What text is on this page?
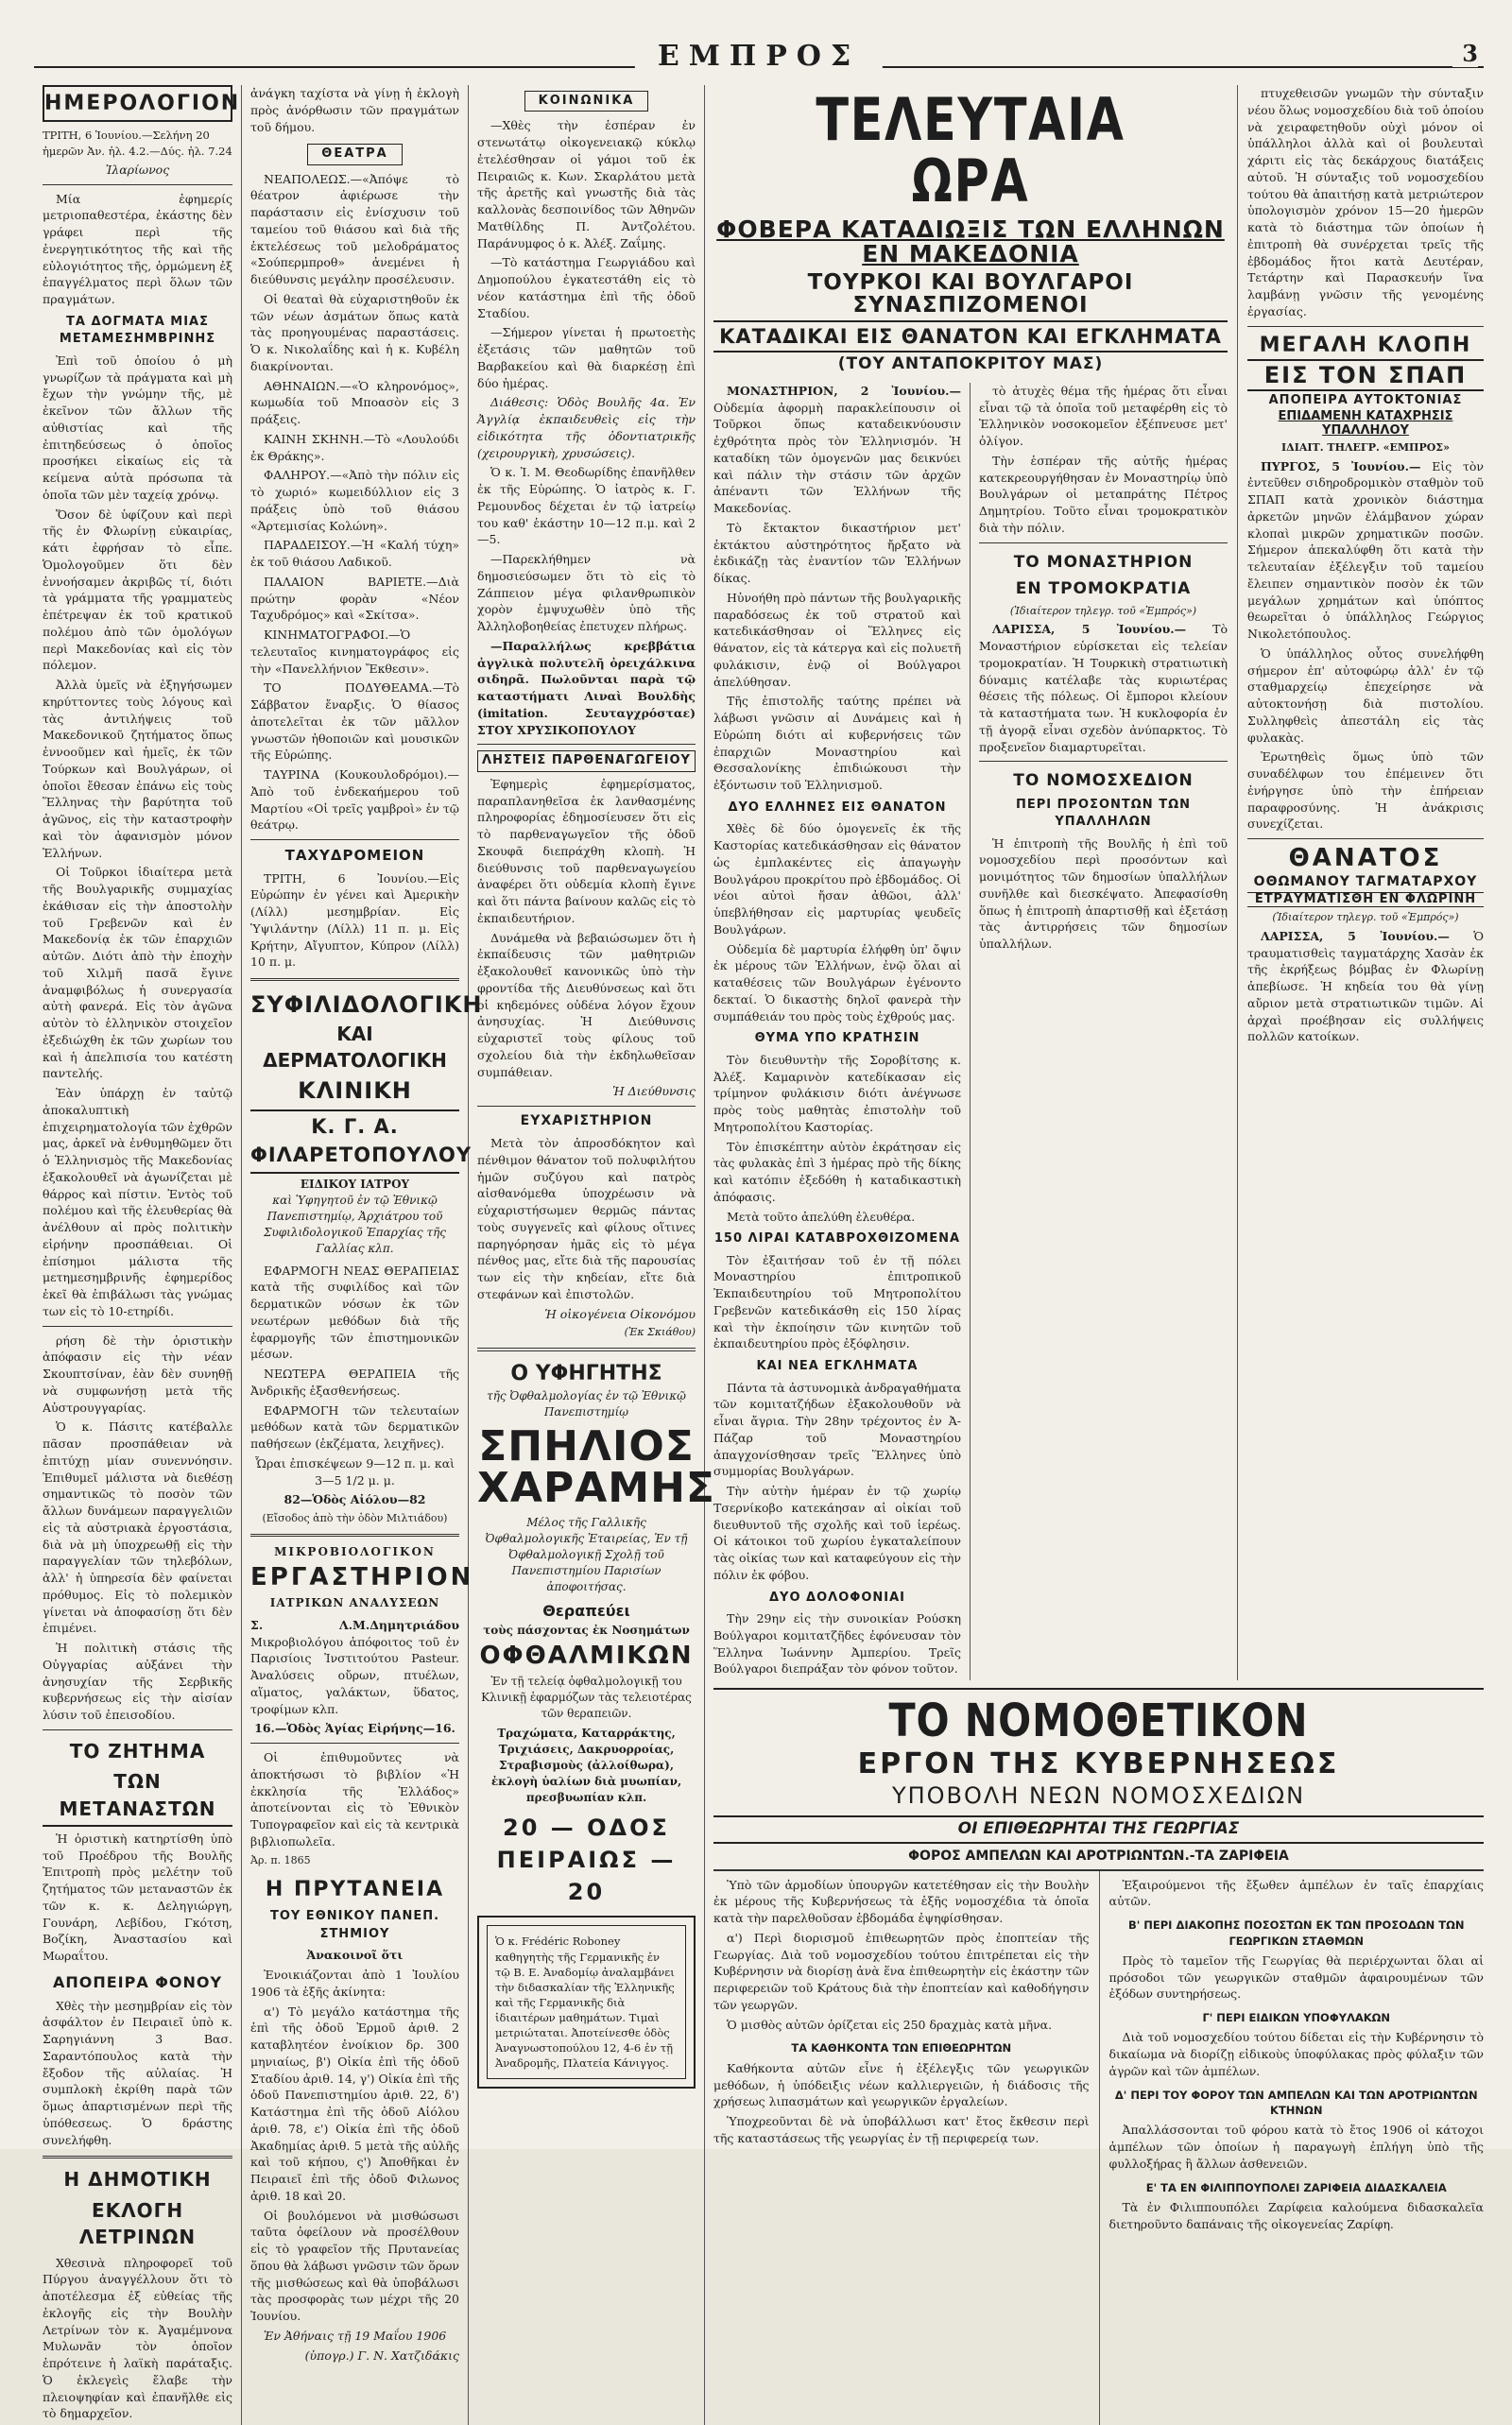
ΕΜΠΡΟΣ	3
ΗΜΕΡΟΛΟΓΙΟΝ

ΤΡΙΤΗ, 6 Ἰουνίου.—Σελήνη 20 ἡμερῶν Ἀν. ἡλ. 4.2.—Δύς. ἡλ. 7.24

Ἰλαρίωνος

Μία ἐφημερίς μετριοπαθεστέρα, ἐκάστης δὲν γράφει περὶ τῆς ἐνεργητικότητος τῆς καὶ τῆς εὐλογιότητος τῆς, ὁρμώμενη ἐξ ἐπαγγέλματος περὶ ὅλων τῶν πραγμάτων.

ΤΑ ΔΟΓΜΑΤΑ ΜΙΑΣ ΜΕΤΑΜΕΣΗΜΒΡΙΝΗΣ

Ἐπὶ τοῦ ὁποίου ὁ μὴ γνωρίζων τὰ πράγματα καὶ μὴ ἔχων τὴν γνώμην τῆς, μὲ ἐκεῖνον τῶν ἄλλων τῆς αὐθιστίας καὶ τῆς ἐπιτηδεύσεως ὁ ὁποῖος προσήκει εἰκαίως εἰς τὰ κείμενα αὐτὰ πρόσωπα τὰ ὁποῖα τῶν μὲν ταχείᾳ χρόνῳ.

Ὅσον δὲ ὑφίζουν καὶ περὶ τῆς ἐν Φλωρίνῃ εὐκαιρίας, κάτι ἐφρήσαν τὸ εἶπε. Ὁμολογοῦμεν ὅτι δὲν ἐννοήσαμεν ἀκριβῶς τί, διότι τὰ γράμματα τῆς γραμματεὺς ἐπέτρεψαν ἐκ τοῦ κρατικοῦ πολέμου ἀπὸ τῶν ὁμολόγων περὶ Μακεδονίας καὶ εἰς τὸν πόλεμον.

Ἀλλὰ ὑμεῖς νὰ ἐξηγήσωμεν κηρύττοντες τοὺς λόγους καὶ τὰς ἀντιλήψεις τοῦ Μακεδονικοῦ ζητήματος ὅπως ἐννοοῦμεν καὶ ἡμεῖς, ἐκ τῶν Τούρκων καὶ Βουλγάρων, οἱ ὁποῖοι ἔθεσαν ἐπάνω εἰς τοὺς Ἕλληνας τὴν βαρύτητα τοῦ ἀγῶνος, εἰς τὴν καταστροφὴν καὶ τὸν ἀφανισμὸν μόνον Ἑλλήνων.

Οἱ Τοῦρκοι ἰδιαίτερα μετὰ τῆς Βουλγαρικῆς συμμαχίας ἐκάθισαν εἰς τὴν ἀποστολὴν τοῦ Γρεβενῶν καὶ ἐν Μακεδονίᾳ ἐκ τῶν ἐπαρχιῶν αὐτῶν. Διότι ἀπὸ τὴν ἐποχὴν τοῦ Χιλμῆ πασᾶ ἔγινε ἀναμφιβόλως ἡ συνεργασία αὐτὴ φανερά. Εἰς τὸν ἀγῶνα αὐτὸν τὸ ἑλληνικὸν στοιχεῖον ἐξεδιώχθη ἐκ τῶν χωρίων του καὶ ἡ ἀπελπισία του κατέστη παντελής.

Ἐὰν ὑπάρχῃ ἐν ταὐτῷ ἀποκαλυπτικὴ ἐπιχειρηματολογία τῶν ἐχθρῶν μας, ἀρκεῖ νὰ ἐνθυμηθῶμεν ὅτι ὁ Ἑλληνισμὸς τῆς Μακεδονίας ἐξακολουθεῖ νὰ ἀγωνίζεται μὲ θάρρος καὶ πίστιν. Ἐντὸς τοῦ πολέμου καὶ τῆς ἐλευθερίας θὰ ἀνέλθουν αἱ πρὸς πολιτικὴν εἰρήνην προσπάθειαι. Οἱ ἐπίσημοι μάλιστα τῆς μετημεσημβρινῆς ἐφημερίδος ἐκεῖ θὰ ἐπιβάλωσι τὰς γνώμας των εἰς τὸ 10-ετηρίδι.

ρήση δὲ τὴν ὁριστικὴν ἀπόφασιν εἰς τὴν νέαν Σκουπτσίναν, ἐὰν δὲν συνηθῇ νὰ συμφωνήσῃ μετὰ τῆς Αὐστρουγγαρίας.

Ὁ κ. Πάσιτς κατέβαλλε πᾶσαν προσπάθειαν νὰ ἐπιτύχῃ μίαν συνεννόησιν. Ἐπιθυμεῖ μάλιστα νὰ διεθέσῃ σημαντικῶς τὸ ποσὸν τῶν ἄλλων δυνάμεων παραγγελιῶν εἰς τὰ αὐστριακὰ ἐργοστάσια, διὰ νὰ μὴ ὑποχρεωθῇ εἰς τὴν παραγγελίαν τῶν τηλεβόλων, ἀλλ' ἡ ὑπηρεσία δὲν φαίνεται πρόθυμος. Εἰς τὸ πολεμικὸν γίνεται νὰ ἀποφασίσῃ ὅτι δὲν ἐπιμένει.

Ἡ πολιτικὴ στάσις τῆς Οὐγγαρίας αὐξάνει τὴν ἀνησυχίαν τῆς Σερβικῆς κυβερνήσεως εἰς τὴν αἰσίαν λύσιν τοῦ ἐπεισοδίου.

ΤΟ ΖΗΤΗΜΑ
ΤΩΝ ΜΕΤΑΝΑΣΤΩΝ

Ἡ ὁριστικὴ κατηρτίσθη ὑπὸ τοῦ Προέδρου τῆς Βουλῆς Ἐπιτροπὴ πρὸς μελέτην τοῦ ζητήματος τῶν μεταναστῶν ἐκ τῶν κ. κ. Δεληγιώργη, Γουνάρη, Λεβίδου, Γκότση, Βοζίκη, Ἀναστασίου καὶ Μωραΐτου.

ΑΠΟΠΕΙΡΑ ΦΟΝΟΥ

Χθὲς τὴν μεσημβρίαν εἰς τὸν ἀσφάλτον ἐν Πειραιεῖ ὑπὸ κ. Σαρηγιάννη 3 Βασ. Σαραντόπουλος κατὰ τὴν ἔξοδον τῆς αὐλαίας. Ἡ συμπλοκὴ ἐκρίθη παρὰ τῶν ὅμως ἀπαρτισμένων περὶ τῆς ὑπόθεσεως. Ὁ δράστης συνελήφθη.

Η ΔΗΜΟΤΙΚΗ
ΕΚΛΟΓΗ ΛΕΤΡΙΝΩΝ

Χθεσινὰ πληροφορεῖ τοῦ Πύργου ἀναγγέλλουν ὅτι τὸ ἀποτέλεσμα ἐξ εὐθείας τῆς ἐκλογῆς εἰς τὴν Βουλὴν Λετρίνων τὸν κ. Ἀγαμέμνονα Μυλωνᾶν τὸν ὁποῖον ἐπρότεινε ἡ λαϊκὴ παράταξις. Ὁ ἐκλεγεὶς ἔλαβε τὴν πλειοψηφίαν καὶ ἐπανῆλθε εἰς τὸ δημαρχεῖον.

ἀνάγκη ταχίστα νὰ γίνῃ ἡ ἐκλογὴ πρὸς ἀνόρθωσιν τῶν πραγμάτων τοῦ δήμου.

ΘΕΑΤΡΑ

ΝΕΑΠΟΛΕΩΣ.—«Ἀπόψε τὸ θέατρον ἀφιέρωσε τὴν παράστασιν εἰς ἐνίσχυσιν τοῦ ταμείου τοῦ θιάσου καὶ διὰ τῆς ἐκτελέσεως τοῦ μελοδράματος «Σούπερμπροθ» ἀνεμένει ἡ διεύθυνσις μεγάλην προσέλευσιν.

Οἱ θεαταὶ θὰ εὐχαριστηθοῦν ἐκ τῶν νέων ἀσμάτων ὅπως κατὰ τὰς προηγουμένας παραστάσεις. Ὁ κ. Νικολαΐδης καὶ ἡ κ. Κυβέλη διακρίνονται.

ΑΘΗΝΑΙΩΝ.—«Ὁ κληρονόμος», κωμωδία τοῦ Μποασὸν εἰς 3 πράξεις.

ΚΑΙΝΗ ΣΚΗΝΗ.—Τὸ «Λουλούδι ἐκ Θράκης».

ΦΑΛΗΡΟΥ.—«Ἀπὸ τὴν πόλιν εἰς τὸ χωριό» κωμειδύλλιον εἰς 3 πράξεις ὑπὸ τοῦ θιάσου «Ἀρτεμισίας Κολώνη».

ΠΑΡΑΔΕΙΣΟΥ.—Ἡ «Καλή τύχη» ἐκ τοῦ θιάσου Λαδικοῦ.

ΠΑΛΑΙΟΝ ΒΑΡΙΕΤΕ.—Διὰ πρώτην φορὰν «Νέον Ταχυδρόμος» καὶ «Σκίτσα».

ΚΙΝΗΜΑΤΟΓΡΑΦΟΙ.—Ὁ τελευταῖος κινηματογράφος εἰς τὴν «Πανελλήνιον Ἔκθεσιν».

ΤΟ ΠΟΔΥΘΕΑΜΑ.—Τὸ Σάββατον ἔναρξις. Ὁ θίασος ἀποτελεῖται ἐκ τῶν μᾶλλον γνωστῶν ἠθοποιῶν καὶ μουσικῶν τῆς Εὐρώπης.

ΤΑΥΡΙΝΑ (Κουκουλοδρόμοι).—Ἀπὸ τοῦ ἐνδεκαήμερου τοῦ Μαρτίου «Οἱ τρεῖς γαμβροὶ» ἐν τῷ θεάτρῳ.

ΤΑΧΥΔΡΟΜΕΙΟΝ

ΤΡΙΤΗ, 6 Ἰουνίου.—Εἰς Εὐρώπην ἐν γένει καὶ Ἀμερικὴν (Λίλλ) μεσημβρίαν. Εἰς Ὑψιλάντην (Λίλλ) 11 π. μ. Εἰς Κρήτην, Αἴγυπτον, Κύπρον (Λίλλ) 10 π. μ.

ΣΥΦΙΛΙΔΟΛΟΓΙΚΗ
ΚΑΙ ΔΕΡΜΑΤΟΛΟΓΙΚΗ
ΚΛΙΝΙΚΗ
Κ. Γ. Α. ΦΙΛΑΡΕΤΟΠΟΥΛΟΥ
ΕΙΔΙΚΟΥ ΙΑΤΡΟΥ

καὶ Ὑφηγητοῦ ἐν τῷ Ἐθνικῷ Πανεπιστημίῳ, Ἀρχιάτρου τοῦ Συφιλιδολογικοῦ Ἐπαρχίας τῆς Γαλλίας κλπ.

ΕΦΑΡΜΟΓΗ ΝΕΑΣ ΘΕΡΑΠΕΙΑΣ κατὰ τῆς συφιλίδος καὶ τῶν δερματικῶν νόσων ἐκ τῶν νεωτέρων μεθόδων διὰ τῆς ἐφαρμογῆς τῶν ἐπιστημονικῶν μέσων.

ΝΕΩΤΕΡΑ ΘΕΡΑΠΕΙΑ τῆς Ἀνδρικῆς ἐξασθενήσεως.

ΕΦΑΡΜΟΓΗ τῶν τελευταίων μεθόδων κατὰ τῶν δερματικῶν παθήσεων (ἐκζέματα, λειχῆνες).

Ὧραι ἐπισκέψεων 9—12 π. μ. καὶ 3—5 1/2 μ. μ.

82—Ὁδὸς Αἰόλου—82

(Εἴσοδος ἀπὸ τὴν ὁδὸν Μιλτιάδου)

ΜΙΚΡΟΒΙΟΛΟΓΙΚΟΝ
ΕΡΓΑΣΤΗΡΙΟΝ
ΙΑΤΡΙΚΩΝ ΑΝΑΛΥΣΕΩΝ

Σ. Λ.Μ.Δημητριάδου Μικροβιολόγου ἀπόφοιτος τοῦ ἐν Παρισίοις Ἰνστιτούτου Pasteur. Ἀναλύσεις οὔρων, πτυέλων, αἵματος, γαλάκτων, ὕδατος, τροφίμων κλπ.

16.—Ὁδὸς Ἁγίας Εἰρήνης—16.

Οἱ ἐπιθυμοῦντες νὰ ἀποκτήσωσι τὸ βιβλίον «Ἡ ἐκκλησία τῆς Ἑλλάδος» ἀποτείνονται εἰς τὸ Ἐθνικὸν Τυπογραφεῖον καὶ εἰς τὰ κεντρικὰ βιβλιοπωλεῖα.

Ἀρ. π. 1865

Η ΠΡΥΤΑΝΕΙΑ
ΤΟΥ ΕΘΝΙΚΟΥ ΠΑΝΕΠ. ΣΤΗΜΙΟΥ

Ἀνακοινοῖ ὅτι

Ἐνοικιάζονται ἀπὸ 1 Ἰουλίου 1906 τὰ ἑξῆς ἀκίνητα:

α') Τὸ μεγάλο κατάστημα τῆς ἐπὶ τῆς ὁδοῦ Ἑρμοῦ ἀριθ. 2 καταβλητέον ἐνοίκιον δρ. 300 μηνιαίως, β') Οἰκία ἐπὶ τῆς ὁδοῦ Σταδίου ἀριθ. 14, γ') Οἰκία ἐπὶ τῆς ὁδοῦ Πανεπιστημίου ἀριθ. 22, δ') Κατάστημα ἐπὶ τῆς ὁδοῦ Αἰόλου ἀριθ. 78, ε') Οἰκία ἐπὶ τῆς ὁδοῦ Ἀκαδημίας ἀριθ. 5 μετὰ τῆς αὐλῆς καὶ τοῦ κήπου, ς') Ἀποθῆκαι ἐν Πειραιεῖ ἐπὶ τῆς ὁδοῦ Φιλωνος ἀριθ. 18 καὶ 20.

Οἱ βουλόμενοι νὰ μισθώσωσι ταῦτα ὀφείλουν νὰ προσέλθουν εἰς τὸ γραφεῖον τῆς Πρυτανείας ὅπου θὰ λάβωσι γνῶσιν τῶν ὅρων τῆς μισθώσεως καὶ θὰ ὑποβάλωσι τὰς προσφορὰς των μέχρι τῆς 20 Ἰουνίου.

Ἐν Ἀθήναις τῇ 19 Μαΐου 1906

(ὑπογρ.) Γ. Ν. Χατζιδάκις

ΚΟΙΝΩΝΙΚΑ

—Χθὲς τὴν ἑσπέραν ἐν στενωτάτῳ οἰκογενειακῷ κύκλῳ ἐτελέσθησαν οἱ γάμοι τοῦ ἐκ Πειραιῶς κ. Κων. Σκαρλάτου μετὰ τῆς ἀρετῆς καὶ γνωστῆς διὰ τὰς καλλονὰς δεσποινίδος τῶν Ἀθηνῶν Ματθίλδης Π. Ἀντζολέτου. Παράνυμφος ὁ κ. Ἀλέξ. Ζαΐμης.

—Τὸ κατάστημα Γεωργιάδου καὶ Δημοπούλου ἐγκατεστάθη εἰς τὸ νέον κατάστημα ἐπὶ τῆς ὁδοῦ Σταδίου.

—Σήμερον γίνεται ἡ πρωτοετὴς ἐξετάσις τῶν μαθητῶν τοῦ Βαρβακείου καὶ θὰ διαρκέσῃ ἐπὶ δύο ἡμέρας.

Διάθεσις: Ὁδὸς Βουλῆς 4α. Ἐν Ἀγγλίᾳ ἐκπαιδευθεὶς εἰς τὴν εἰδικότητα τῆς ὀδοντιατρικῆς (χειρουργικὴ, χρυσώσεις).

Ὁ κ. Ἰ. Μ. Θεοδωρίδης ἐπανῆλθεν ἐκ τῆς Εὐρώπης. Ὁ ἰατρὸς κ. Γ. Ρεμουνδος δέχεται ἐν τῷ ἰατρείῳ του καθ' ἑκάστην 10—12 π.μ. καὶ 2—5.

—Παρεκλήθημεν νὰ δημοσιεύσωμεν ὅτι τὸ εἰς τὸ Ζάππειον μέγα φιλανθρωπικὸν χορὸν ἐμψυχωθὲν ὑπὸ τῆς Ἀλληλοβοηθείας ἐπετυχεν πλήρως.

—Παραλλήλως κρεββάτια ἀγγλικὰ πολυτελῆ ὀρειχάλκινα σιδηρᾶ. Πωλοῦνται παρὰ τῷ καταστήματι Λιναὶ Βουλδὴς (imitation. Σευταγχρόσταε) ΣΤΟΥ ΧΡΥΣΙΚΟΠΟΥΛΟΥ

ΛΗΣΤΕΙΣ ΠΑΡΘΕΝΑΓΩΓΕΙΟΥ

Ἐφημερὶς ἐφημερίσματος, παραπλανηθεῖσα ἐκ λανθασμένης πληροφορίας ἐδημοσίευσεν ὅτι εἰς τὸ παρθεναγωγεῖον τῆς ὁδοῦ Σκουφᾶ διεπράχθη κλοπὴ. Ἡ διεύθυνσις τοῦ παρθεναγωγείου ἀναφέρει ὅτι οὐδεμία κλοπὴ ἔγινε καὶ ὅτι πάντα βαίνουν καλῶς εἰς τὸ ἐκπαιδευτήριον.

Δυνάμεθα νὰ βεβαιώσωμεν ὅτι ἡ ἐκπαίδευσις τῶν μαθητριῶν ἐξακολουθεῖ κανονικῶς ὑπὸ τὴν φροντίδα τῆς Διευθύνσεως καὶ ὅτι οἱ κηδεμόνες οὐδένα λόγον ἔχουν ἀνησυχίας. Ἡ Διεύθυνσις εὐχαριστεῖ τοὺς φίλους τοῦ σχολείου διὰ τὴν ἐκδηλωθεῖσαν συμπάθειαν.

Ἡ Διεύθυνσις

ΕΥΧΑΡΙΣΤΗΡΙΟΝ

Μετὰ τὸν ἀπροσδόκητον καὶ πένθιμον θάνατον τοῦ πολυφιλήτου ἡμῶν συζύγου καὶ πατρὸς αἰσθανόμεθα ὑποχρέωσιν νὰ εὐχαριστήσωμεν θερμῶς πάντας τοὺς συγγενεῖς καὶ φίλους οἵτινες παρηγόρησαν ἡμᾶς εἰς τὸ μέγα πένθος μας, εἴτε διὰ τῆς παρουσίας των εἰς τὴν κηδείαν, εἴτε διὰ στεφάνων καὶ ἐπιστολῶν.

Ἡ οἰκογένεια Οἰκονόμου

(Ἐκ Σκιάθου)

Ο ΥΦΗΓΗΤΗΣ
τῆς Ὀφθαλμολογίας ἐν τῷ Ἐθνικῷ Πανεπιστημίῳ
ΣΠΗΛΙΟΣ
ΧΑΡΑΜΗΣ

Μέλος τῆς Γαλλικῆς Ὀφθαλμολογικῆς Ἑταιρείας, Ἐν τῇ Ὀφθαλμολογικῇ Σχολῇ τοῦ Πανεπιστημίου Παρισίων ἀποφοιτήσας.

Θεραπεύει
τοὺς πάσχοντας ἐκ Νοσημάτων
ΟΦΘΑΛΜΙΚΩΝ

Ἐν τῇ τελείᾳ ὀφθαλμολογικῇ του Κλινικῇ ἐφαρμόζων τὰς τελειοτέρας τῶν θεραπειῶν.

Τραχώματα, Καταρράκτης, Τριχιάσεις, Δακρυορροίας, Στραβισμοὺς (ἀλλοίθωρα), ἐκλογὴ ὑαλίων διὰ μυωπίαν, πρεσβυωπίαν κλπ.

20 — ΟΔΟΣ ΠΕΙΡΑΙΩΣ — 20
Ὁ κ. Frédéric Roboney καθηγητὴς τῆς Γερμανικῆς ἐν τῷ Β. Ε. Ἀναδομίῳ ἀναλαμβάνει τὴν διδασκαλίαν τῆς Ἐλληνικῆς καὶ τῆς Γερμανικῆς διὰ ἰδιαιτέρων μαθημάτων. Τιμαὶ μετριώταται. Ἀποτείνεσθε ὁδὸς Ἀναγνωστοπούλου 12, 4-6 ἐν τῇ Ἀναδρομῆς, Πλατεία Κάνιγγος.
ΤΕΛΕΥΤΑΙΑ ΩΡΑ
ΦΟΒΕΡΑ ΚΑΤΑΔΙΩΞΙΣ ΤΩΝ ΕΛΛΗΝΩΝ ΕΝ ΜΑΚΕΔΟΝΙΑ
ΤΟΥΡΚΟΙ ΚΑΙ ΒΟΥΛΓΑΡΟΙ ΣΥΝΑΣΠΙΖΟΜΕΝΟΙ
ΚΑΤΑΔΙΚΑΙ ΕΙΣ ΘΑΝΑΤΟΝ ΚΑΙ ΕΓΚΛΗΜΑΤΑ
(ΤΟΥ ΑΝΤΑΠΟΚΡΙΤΟΥ ΜΑΣ)

ΜΟΝΑΣΤΗΡΙΟΝ, 2 Ἰουνίου.— Οὐδεμία ἀφορμὴ παρακλείπουσιν οἱ Τοῦρκοι ὅπως καταδεικνύουσιν ἐχθρότητα πρὸς τὸν Ἑλληνισμόν. Ἡ καταδίκη τῶν ὁμογενῶν μας δεικνύει καὶ πάλιν τὴν στάσιν τῶν ἀρχῶν ἀπέναντι τῶν Ἑλλήνων τῆς Μακεδονίας.

Τὸ ἔκτακτον δικαστήριον μετ' ἐκτάκτου αὐστηρότητος ἤρξατο νὰ ἐκδικάζῃ τὰς ἐναντίον τῶν Ἑλλήνων δίκας.

Ηὐνοήθη πρὸ πάντων τῆς βουλγαρικῆς παραδόσεως ἐκ τοῦ στρατοῦ καὶ κατεδικάσθησαν οἱ Ἕλληνες εἰς θάνατον, εἰς τὰ κάτεργα καὶ εἰς πολυετῆ φυλάκισιν, ἐνῷ οἱ Βούλγαροι ἀπελύθησαν.

Τῆς ἐπιστολῆς ταύτης πρέπει νὰ λάβωσι γνῶσιν αἱ Δυνάμεις καὶ ἡ Εὐρώπη διότι αἱ κυβερνήσεις τῶν ἐπαρχιῶν Μοναστηρίου καὶ Θεσσαλονίκης ἐπιδιώκουσι τὴν ἐξόντωσιν τοῦ Ἑλληνισμοῦ.

ΔΥΟ ΕΛΛΗΝΕΣ ΕΙΣ ΘΑΝΑΤΟΝ

Χθὲς δὲ δύο ὁμογενεῖς ἐκ τῆς Καστορίας κατεδικάσθησαν εἰς θάνατον ὡς ἐμπλακέντες εἰς ἀπαγωγὴν Βουλγάρου προκρίτου πρὸ ἑβδομάδος. Οἱ νέοι αὐτοὶ ἤσαν ἀθῶοι, ἀλλ' ὑπεβλήθησαν εἰς μαρτυρίας ψευδεῖς Βουλγάρων.

Οὐδεμία δὲ μαρτυρία ἐλήφθη ὑπ' ὄψιν ἐκ μέρους τῶν Ἑλλήνων, ἐνῷ ὅλαι αἱ καταθέσεις τῶν Βουλγάρων ἐγένοντο δεκταί. Ὁ δικαστὴς δηλοῖ φανερὰ τὴν συμπάθειάν του πρὸς τοὺς ἐχθρούς μας.

ΘΥΜΑ ΥΠΟ ΚΡΑΤΗΣΙΝ

Τὸν διευθυντὴν τῆς Σοροβίτσης κ. Ἀλέξ. Καμαρινὸν κατεδίκασαν εἰς τρίμηνον φυλάκισιν διότι ἀνέγνωσε πρὸς τοὺς μαθητὰς ἐπιστολὴν τοῦ Μητροπολίτου Καστορίας.

Τὸν ἐπισκέπτην αὐτὸν ἐκράτησαν εἰς τὰς φυλακὰς ἐπὶ 3 ἡμέρας πρὸ τῆς δίκης καὶ κατόπιν ἐξεδόθη ἡ καταδικαστικὴ ἀπόφασις.

Μετὰ τοῦτο ἀπελύθη ἐλευθέρα.

150 ΛΙΡΑΙ ΚΑΤΑΒΡΟΧΘΙΖΟΜΕΝΑ

Τὸν ἐξαιτήσαν τοῦ ἐν τῇ πόλει Μοναστηρίου ἐπιτροπικοῦ Ἐκπαιδευτηρίου τοῦ Μητροπολίτου Γρεβενῶν κατεδικάσθη εἰς 150 λίρας καὶ τὴν ἐκποίησιν τῶν κινητῶν τοῦ ἐκπαιδευτηρίου πρὸς ἐξόφλησιν.

ΚΑΙ ΝΕΑ ΕΓΚΛΗΜΑΤΑ

Πάντα τὰ ἀστυνομικὰ ἀνδραγαθήματα τῶν κομιτατζήδων ἐξακολουθοῦν νὰ εἶναι ἄγρια. Τὴν 28ην τρέχοντος ἐν Ἀ-Πάζαρ τοῦ Μοναστηρίου ἀπαγχονίσθησαν τρεῖς Ἕλληνες ὑπὸ συμμορίας Βουλγάρων.

Τὴν αὐτὴν ἡμέραν ἐν τῷ χωρίῳ Τσερνίκοβο κατεκάησαν αἱ οἰκίαι τοῦ διευθυντοῦ τῆς σχολῆς καὶ τοῦ ἱερέως. Οἱ κάτοικοι τοῦ χωρίου ἐγκαταλείπουν τὰς οἰκίας των καὶ καταφεύγουν εἰς τὴν πόλιν ἐκ φόβου.

ΔΥΟ ΔΟΛΟΦΟΝΙΑΙ

Τὴν 29ην εἰς τὴν συνοικίαν Ρούσκη Βούλγαροι κομιτατζῆδες ἐφόνευσαν τὸν Ἕλληνα Ἰωάννην Ἀμπερίου. Τρεῖς Βούλγαροι διεπράξαν τὸν φόνον τοῦτον.

τὸ ἀτυχὲς θέμα τῆς ἡμέρας ὅτι εἶναι εἶναι τῷ τὰ ὁποῖα τοῦ μεταφέρθη εἰς τὸ Ἑλληνικὸν νοσοκομεῖον ἐξέπνευσε μετ' ὀλίγον.

Τὴν ἑσπέραν τῆς αὐτῆς ἡμέρας κατεκρεουργήθησαν ἐν Μοναστηρίῳ ὑπὸ Βουλγάρων οἱ μεταπράτης Πέτρος Δημητρίου. Τοῦτο εἶναι τρομοκρατικὸν διὰ τὴν πόλιν.

ΤΟ ΜΟΝΑΣΤΗΡΙΟΝ
ΕΝ ΤΡΟΜΟΚΡΑΤΙΑ

(Ἰδιαίτερον τηλεγρ. τοῦ «Ἐμπρός»)

ΛΑΡΙΣΣΑ, 5 Ἰουνίου.— Τὸ Μοναστήριον εὑρίσκεται εἰς τελείαν τρομοκρατίαν. Ἡ Τουρκικὴ στρατιωτικὴ δύναμις κατέλαβε τὰς κυριωτέρας θέσεις τῆς πόλεως. Οἱ ἔμποροι κλείουν τὰ καταστήματα των. Ἡ κυκλοφορία ἐν τῇ ἀγορᾷ εἶναι σχεδὸν ἀνύπαρκτος. Τὸ προξενεῖον διαμαρτυρεῖται.

ΤΟ ΝΟΜΟΣΧΕΔΙΟΝ
ΠΕΡΙ ΠΡΟΣΟΝΤΩΝ ΤΩΝ ΥΠΑΛΛΗΛΩΝ

Ἡ ἐπιτροπὴ τῆς Βουλῆς ἡ ἐπὶ τοῦ νομοσχεδίου περὶ προσόντων καὶ μονιμότητος τῶν δημοσίων ὑπαλλήλων συνῆλθε καὶ διεσκέψατο. Ἀπεφασίσθη ὅπως ἡ ἐπιτροπὴ ἀπαρτισθῇ καὶ ἐξετάσῃ τὰς ἀντιρρήσεις τῶν δημοσίων ὑπαλλήλων.

πτυχεθεισῶν γνωμῶν τὴν σύνταξιν νέου ὅλως νομοσχεδίου διὰ τοῦ ὁποίου νὰ χειραφετηθοῦν οὐχὶ μόνον οἱ ὑπάλληλοι ἀλλὰ καὶ οἱ βουλευταὶ χάριτι εἰς τὰς δεκάρχους διατάξεις αὐτοῦ. Ἡ σύνταξις τοῦ νομοσχεδίου τούτου θὰ ἀπαιτήσῃ κατὰ μετριώτερον ὑπολογισμὸν χρόνον 15—20 ἡμερῶν κατὰ τὸ διάστημα τῶν ὁποίων ἡ ἐπιτροπὴ θὰ συνέρχεται τρεῖς τῆς ἑβδομάδος ἥτοι κατὰ Δευτέραν, Τετάρτην καὶ Παρασκευήν ἵνα λαμβάνῃ γνῶσιν τῆς γενομένης ἐργασίας.

ΜΕΓΑΛΗ ΚΛΟΠΗ
ΕΙΣ ΤΟΝ ΣΠΑΠ
ΑΠΟΠΕΙΡΑ ΑΥΤΟΚΤΟΝΙΑΣ
ΕΠΙΔΑΜΕΝΗ ΚΑΤΑΧΡΗΣΙΣ ΥΠΑΛΛΗΛΟΥ

ΙΔΙΑΙΤ. ΤΗΛΕΓΡ. «ΕΜΠΡΟΣ»

ΠΥΡΓΟΣ, 5 Ἰουνίου.— Εἰς τὸν ἐντεῦθεν σιδηροδρομικὸν σταθμὸν τοῦ ΣΠΑΠ κατὰ χρονικὸν διάστημα ἀρκετῶν μηνῶν ἐλάμβανον χώραν κλοπαὶ μικρῶν χρηματικῶν ποσῶν. Σήμερον ἀπεκαλύφθη ὅτι κατὰ τὴν τελευταίαν ἐξέλεγξιν τοῦ ταμείου ἔλειπεν σημαντικὸν ποσὸν ἐκ τῶν μεγάλων χρημάτων καὶ ὑπόπτος θεωρεῖται ὁ ὑπάλληλος Γεώργιος Νικολετόπουλος.

Ὁ ὑπάλληλος οὗτος συνελήφθη σήμερον ἐπ' αὐτοφώρῳ ἀλλ' ἐν τῷ σταθμαρχείῳ ἐπεχείρησε νὰ αὐτοκτονήσῃ διὰ πιστολίου. Συλληφθεὶς ἀπεστάλη εἰς τὰς φυλακὰς.

Ἐρωτηθεὶς ὅμως ὑπὸ τῶν συναδέλφων του ἐπέμεινεν ὅτι ἐνήργησε ὑπὸ τὴν ἐπήρειαν παραφροσύνης. Ἡ ἀνάκρισις συνεχίζεται.

ΘΑΝΑΤΟΣ
ΟΘΩΜΑΝΟΥ ΤΑΓΜΑΤΑΡΧΟΥ
ΕΤΡΑΥΜΑΤΙΣΘΗ ΕΝ ΦΛΩΡΙΝΗ

(Ἰδιαίτερον τηλεγρ. τοῦ «Ἐμπρός»)

ΛΑΡΙΣΣΑ, 5 Ἰουνίου.— Ὁ τραυματισθεὶς ταγματάρχης Χασὰν ἐκ τῆς ἐκρήξεως βόμβας ἐν Φλωρίνῃ ἀπεβίωσε. Ἡ κηδεία του θὰ γίνῃ αὔριον μετὰ στρατιωτικῶν τιμῶν. Αἱ ἀρχαὶ προέβησαν εἰς συλλήψεις πολλῶν κατοίκων.

ΤΟ ΝΟΜΟΘΕΤΙΚΟΝ
ΕΡΓΟΝ ΤΗΣ ΚΥΒΕΡΝΗΣΕΩΣ
ΥΠΟΒΟΛΗ ΝΕΩΝ ΝΟΜΟΣΧΕΔΙΩΝ
ΟΙ ΕΠΙΘΕΩΡΗΤΑΙ ΤΗΣ ΓΕΩΡΓΙΑΣ
ΦΟΡΟΣ ΑΜΠΕΛΩΝ ΚΑΙ ΑΡΟΤΡΙΩΝΤΩΝ.-ΤΑ ΖΑΡΙΦΕΙΑ

Ὑπὸ τῶν ἁρμοδίων ὑπουργῶν κατετέθησαν εἰς τὴν Βουλὴν ἐκ μέρους τῆς Κυβερνήσεως τὰ ἑξῆς νομοσχέδια τὰ ὁποῖα κατὰ τὴν παρελθοῦσαν ἑβδομάδα ἐψηφίσθησαν.

α') Περὶ διορισμοῦ ἐπιθεωρητῶν πρὸς ἐποπτείαν τῆς Γεωργίας. Διὰ τοῦ νομοσχεδίου τούτου ἐπιτρέπεται εἰς τὴν Κυβέρνησιν νὰ διορίσῃ ἀνὰ ἕνα ἐπιθεωρητὴν εἰς ἑκάστην τῶν περιφερειῶν τοῦ Κράτους διὰ τὴν ἐποπτείαν καὶ καθοδήγησιν τῶν γεωργῶν.

Ὁ μισθὸς αὐτῶν ὁρίζεται εἰς 250 δραχμὰς κατὰ μῆνα.

ΤΑ ΚΑΘΗΚΟΝΤΑ ΤΩΝ ΕΠΙΘΕΩΡΗΤΩΝ

Καθήκοντα αὐτῶν εἶνε ἡ ἐξέλεγξις τῶν γεωργικῶν μεθόδων, ἡ ὑπόδειξις νέων καλλιεργειῶν, ἡ διάδοσις τῆς χρήσεως λιπασμάτων καὶ γεωργικῶν ἐργαλείων.

Ὑποχρεοῦνται δὲ νὰ ὑποβάλλωσι κατ' ἔτος ἔκθεσιν περὶ τῆς καταστάσεως τῆς γεωργίας ἐν τῇ περιφερείᾳ των.

Ἐξαιρούμενοι τῆς ἔξωθεν ἀμπέλων ἐν ταῖς ἐπαρχίαις αὐτῶν.

Β' ΠΕΡΙ ΔΙΑΚΟΠΗΣ ΠΟΣΟΣΤΩΝ ΕΚ ΤΩΝ ΠΡΟΣΟΔΩΝ ΤΩΝ ΓΕΩΡΓΙΚΩΝ ΣΤΑΘΜΩΝ

Πρὸς τὸ ταμεῖον τῆς Γεωργίας θὰ περιέρχωνται ὅλαι αἱ πρόσοδοι τῶν γεωργικῶν σταθμῶν ἀφαιρουμένων τῶν ἐξόδων συντηρήσεως.

Γ' ΠΕΡΙ ΕΙΔΙΚΩΝ ΥΠΟΦΥΛΑΚΩΝ

Διὰ τοῦ νομοσχεδίου τούτου δίδεται εἰς τὴν Κυβέρνησιν τὸ δικαίωμα νὰ διορίζῃ εἰδικοὺς ὑποφύλακας πρὸς φύλαξιν τῶν ἀγρῶν καὶ τῶν ἀμπέλων.

Δ' ΠΕΡΙ ΤΟΥ ΦΟΡΟΥ ΤΩΝ ΑΜΠΕΛΩΝ ΚΑΙ ΤΩΝ ΑΡΟΤΡΙΩΝΤΩΝ ΚΤΗΝΩΝ

Ἀπαλλάσσονται τοῦ φόρου κατὰ τὸ ἔτος 1906 οἱ κάτοχοι ἀμπέλων τῶν ὁποίων ἡ παραγωγὴ ἐπλήγη ὑπὸ τῆς φυλλοξήρας ἢ ἄλλων ἀσθενειῶν.

Ε' ΤΑ ΕΝ ΦΙΛΙΠΠΟΥΠΟΛΕΙ ΖΑΡΙΦΕΙΑ ΔΙΔΑΣΚΑΛΕΙΑ

Τὰ ἐν Φιλιππουπόλει Ζαρίφεια καλούμενα διδασκαλεῖα διετηροῦντο δαπάναις τῆς οἰκογενείας Ζαρίφη.
